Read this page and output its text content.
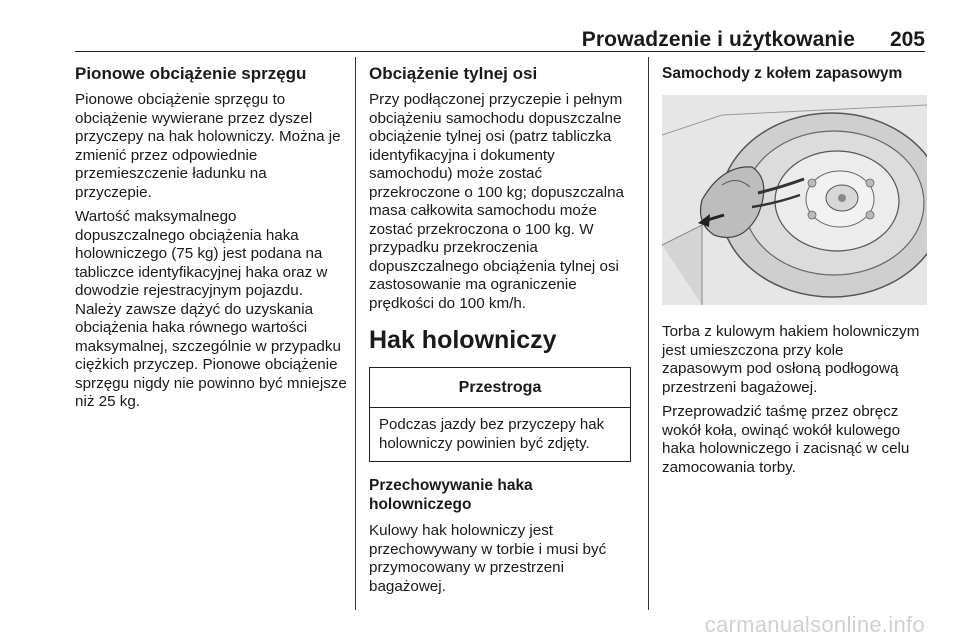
Prowadzenie i użytkowanie 205
Pionowe obciążenie sprzęgu

Pionowe obciążenie sprzęgu to obciążenie wywierane przez dyszel przyczepy na hak holowniczy. Można je zmienić przez odpowiednie przemieszczenie ładunku na przyczepie.

Wartość maksymalnego dopuszczalnego obciążenia haka holowniczego (75 kg) jest podana na tabliczce identyfikacyjnej haka oraz w dowodzie rejestracyjnym pojazdu. Należy zawsze dążyć do uzyskania obciążenia haka równego wartości maksymalnej, szczególnie w przypadku ciężkich przyczep. Pionowe obciążenie sprzęgu nigdy nie powinno być mniejsze niż 25 kg.

Obciążenie tylnej osi

Przy podłączonej przyczepie i pełnym obciążeniu samochodu dopuszczalne obciążenie tylnej osi (patrz tabliczka identyfikacyjna i dokumenty samochodu) może zostać przekroczone o 100 kg; dopuszczalna masa całkowita samochodu może zostać przekroczona o 100 kg. W przypadku przekroczenia dopuszczalnego obciążenia tylnej osi zastosowanie ma ograniczenie prędkości do 100 km/h.

Hak holowniczy
Przestroga
Podczas jazdy bez przyczepy hak holowniczy powinien być zdjęty.
Przechowywanie haka holowniczego

Kulowy hak holowniczy jest przechowywany w torbie i musi być przymocowany w przestrzeni bagażowej.

Samochody z kołem zapasowym

Torba z kulowym hakiem holowniczym jest umieszczona przy kole zapasowym pod osłoną podłogową przestrzeni bagażowej.

Przeprowadzić taśmę przez obręcz wokół koła, owinąć wokół kulowego haka holowniczego i zacisnąć w celu zamocowania torby.

carmanualsonline.info
